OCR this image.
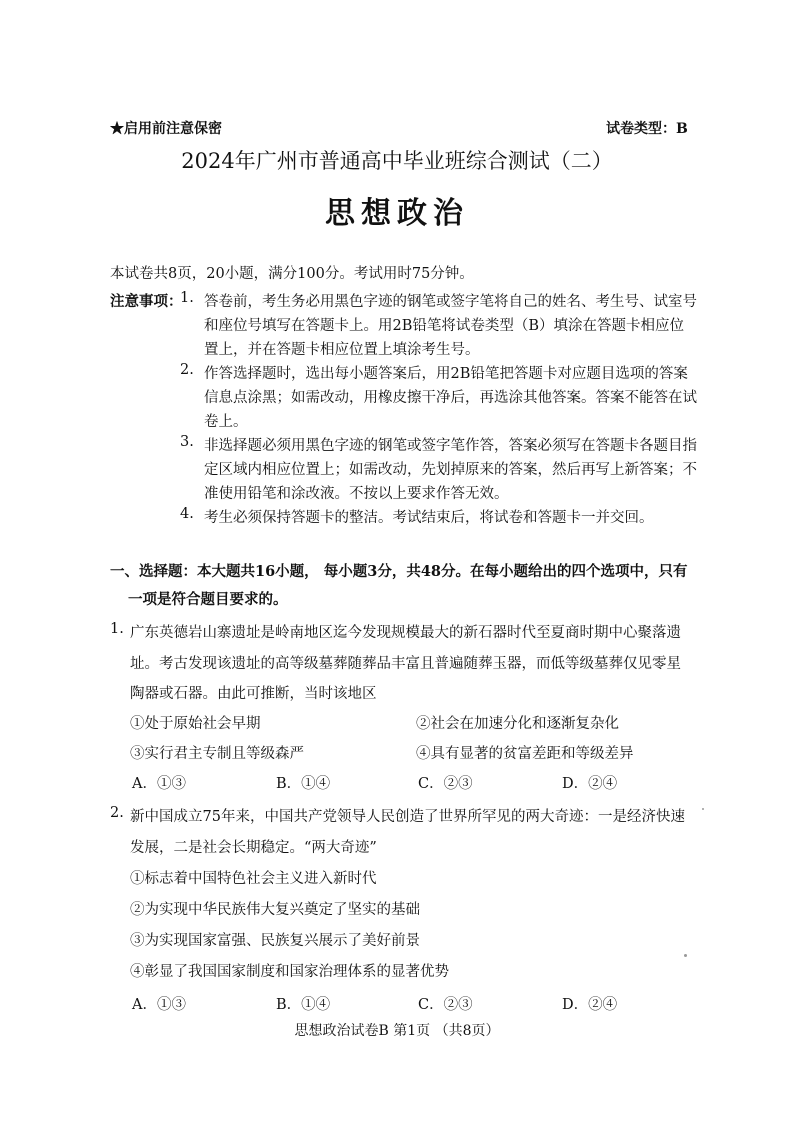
★启用前注意保密	试卷类型：B
2024年广州市普通高中毕业班综合测试（二）
思想政治
本试卷共8页，20小题，满分100分。考试用时75分钟。
注意事项：
1. 答卷前，考生务必用黑色字迹的钢笔或签字笔将自己的姓名、考生号、试室号
和座位号填写在答题卡上。用2B铅笔将试卷类型（B）填涂在答题卡相应位
置上，并在答题卡相应位置上填涂考生号。
2. 作答选择题时，选出每小题答案后，用2B铅笔把答题卡对应题目选项的答案
信息点涂黑；如需改动，用橡皮擦干净后，再选涂其他答案。答案不能答在试
卷上。
3. 非选择题必须用黑色字迹的钢笔或签字笔作答，答案必须写在答题卡各题目指
定区域内相应位置上；如需改动，先划掉原来的答案，然后再写上新答案；不
准使用铅笔和涂改液。不按以上要求作答无效。
4. 考生必须保持答题卡的整洁。考试结束后，将试卷和答题卡一并交回。
一、选择题：本大题共16小题， 每小题3分，共48分。在每小题给出的四个选项中，只有
一项是符合题目要求的。
1. 广东英德岩山寨遗址是岭南地区迄今发现规模最大的新石器时代至夏商时期中心聚落遗
址。考古发现该遗址的高等级墓葬随葬品丰富且普遍随葬玉器，而低等级墓葬仅见零星
陶器或石器。由此可推断，当时该地区
①处于原始社会早期	②社会在加速分化和逐渐复杂化
③实行君主专制且等级森严	④具有显著的贫富差距和等级差异
A．①③	B．①④	C．②③	D．②④
2. 新中国成立75年来，中国共产党领导人民创造了世界所罕见的两大奇迹：一是经济快速
发展，二是社会长期稳定。“两大奇迹”
①标志着中国特色社会主义进入新时代
②为实现中华民族伟大复兴奠定了坚实的基础
③为实现国家富强、民族复兴展示了美好前景
④彰显了我国国家制度和国家治理体系的显著优势
A．①③	B．①④	C．②③	D．②④
思想政治试卷B 第1页 （共8页）
